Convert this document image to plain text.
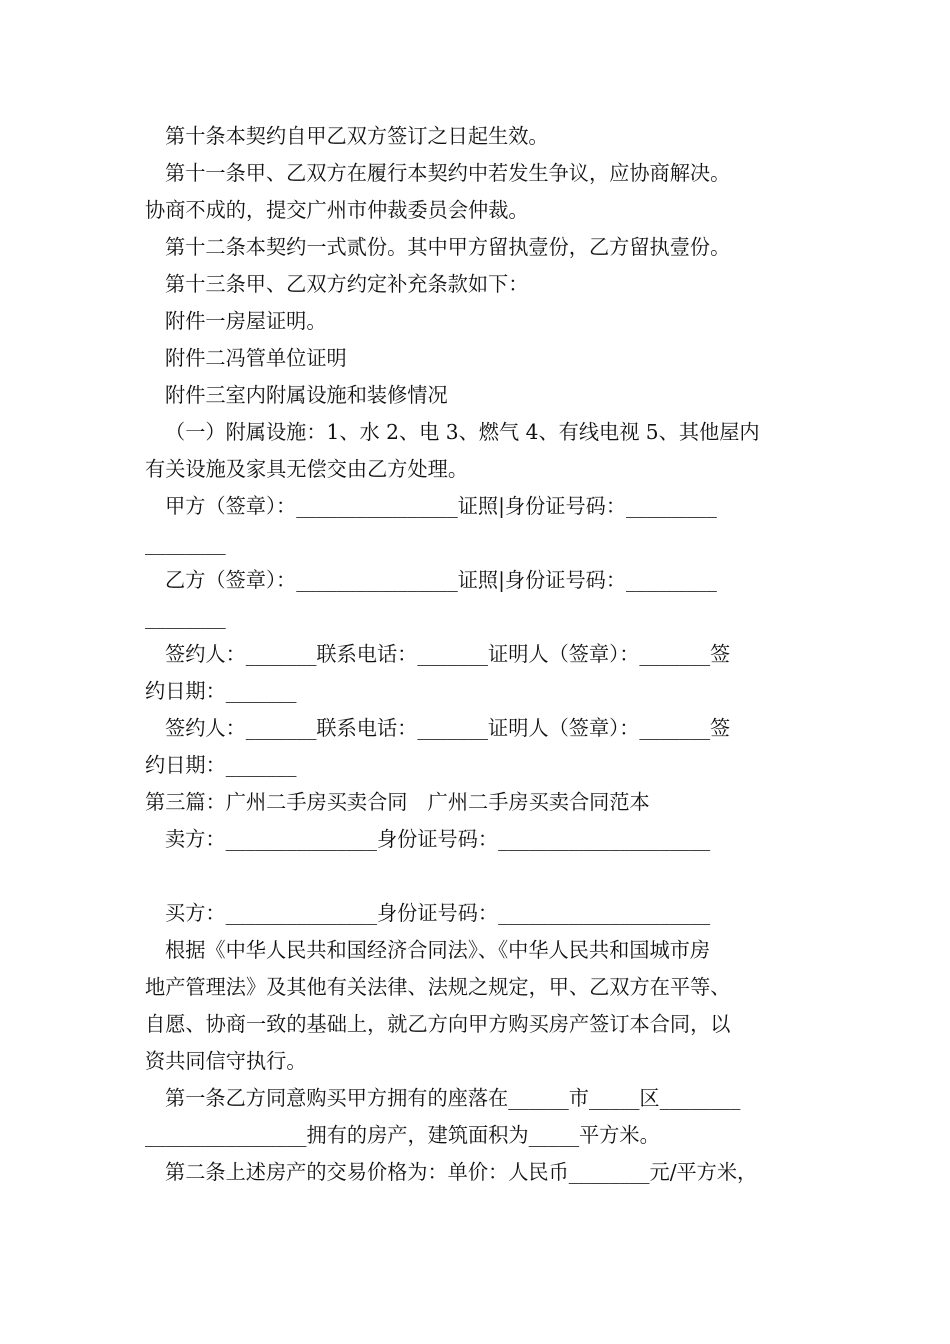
第十条本契约自甲乙双方签订之日起生效。
第十一条甲、乙双方在履行本契约中若发生争议，应协商解决。
协商不成的，提交广州市仲裁委员会仲裁。
第十二条本契约一式贰份。其中甲方留执壹份，乙方留执壹份。
第十三条甲、乙双方约定补充条款如下：
附件一房屋证明。
附件二冯管单位证明
附件三室内附属设施和装修情况
（一）附属设施：1、水 2、电 3、燃气 4、有线电视 5、其他屋内
有关设施及家具无偿交由乙方处理。
甲方（签章）：________________证照|身份证号码：_________
________
乙方（签章）：________________证照|身份证号码：_________
________
签约人：_______联系电话：_______证明人（签章）：_______签
约日期：_______
签约人：_______联系电话：_______证明人（签章）：_______签
约日期：_______
第三篇：广州二手房买卖合同　广州二手房买卖合同范本
卖方：_______________身份证号码：_____________________
买方：_______________身份证号码：_____________________
根据《中华人民共和国经济合同法》、《中华人民共和国城市房
地产管理法》及其他有关法律、法规之规定，甲、乙双方在平等、
自愿、协商一致的基础上，就乙方向甲方购买房产签订本合同，以
资共同信守执行。
第一条乙方同意购买甲方拥有的座落在______市_____区________
________________拥有的房产，建筑面积为_____平方米。
第二条上述房产的交易价格为：单价：人民币________元/平方米，
